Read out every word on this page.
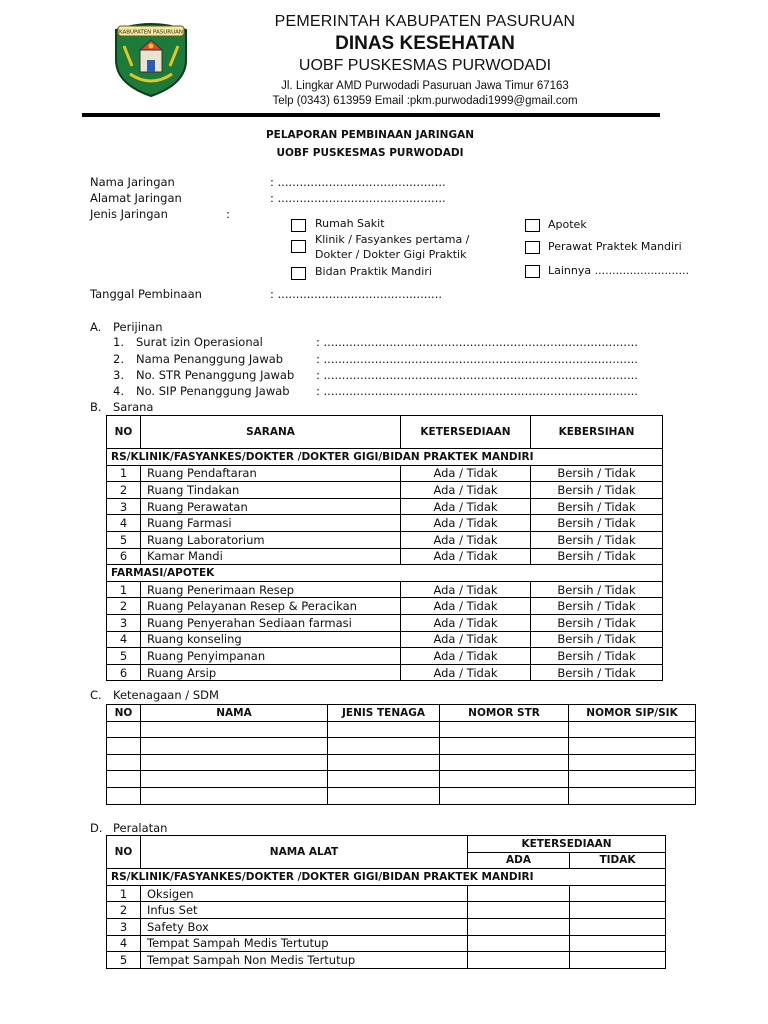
KABUPATEN PASURUAN
PEMERINTAH KABUPATEN PASURUAN
DINAS KESEHATAN
UOBF PUSKESMAS PURWODADI
Jl. Lingkar AMD Purwodadi Pasuruan Jawa Timur 67163
Telp (0343) 613959 Email :pkm.purwodadi1999@gmail.com
PELAPORAN PEMBINAAN JARINGAN
UOBF PUSKESMAS PURWODADI
Nama Jaringan	: ..............................................
Alamat Jaringan	: ..............................................
Jenis Jaringan	:
Rumah Sakit
Klinik / Fasyankes pertama /
Dokter / Dokter Gigi Praktik
Bidan Praktik Mandiri
Apotek
Perawat Praktek Mandiri
Lainnya ...........................
Tanggal Pembinaan	: .............................................
A. Perijinan
1. Surat izin Operasional	: ......................................................................................
2. Nama Penanggung Jawab	: ......................................................................................
3. No. STR Penanggung Jawab : ......................................................................................
4. No. SIP Penanggung Jawab : ......................................................................................
B. Sarana
NO	SARANA	KETERSEDIAAN	KEBERSIHAN
RS/KLINIK/FASYANKES/DOKTER /DOKTER GIGI/BIDAN PRAKTEK MANDIRI			
1	Ruang Pendaftaran	Ada / Tidak	Bersih / Tidak
2	Ruang Tindakan	Ada / Tidak	Bersih / Tidak
3	Ruang Perawatan	Ada / Tidak	Bersih / Tidak
4	Ruang Farmasi	Ada / Tidak	Bersih / Tidak
5	Ruang Laboratorium	Ada / Tidak	Bersih / Tidak
6	Kamar Mandi	Ada / Tidak	Bersih / Tidak
FARMASI/APOTEK			
1	Ruang Penerimaan Resep	Ada / Tidak	Bersih / Tidak
2	Ruang Pelayanan Resep & Peracikan	Ada / Tidak	Bersih / Tidak
3	Ruang Penyerahan Sediaan farmasi	Ada / Tidak	Bersih / Tidak
4	Ruang konseling	Ada / Tidak	Bersih / Tidak
5	Ruang Penyimpanan	Ada / Tidak	Bersih / Tidak
6	Ruang Arsip	Ada / Tidak	Bersih / Tidak
C. Ketenagaan / SDM
NO	NAMA	JENIS TENAGA	NOMOR STR	NOMOR SIP/SIK

D. Peralatan
NO	NAMA ALAT	KETERSEDIAAN	
		ADA	TIDAK
RS/KLINIK/FASYANKES/DOKTER /DOKTER GIGI/BIDAN PRAKTEK MANDIRI			
1	Oksigen		
2	Infus Set		
3	Safety Box		
4	Tempat Sampah Medis Tertutup		
5	Tempat Sampah Non Medis Tertutup		
